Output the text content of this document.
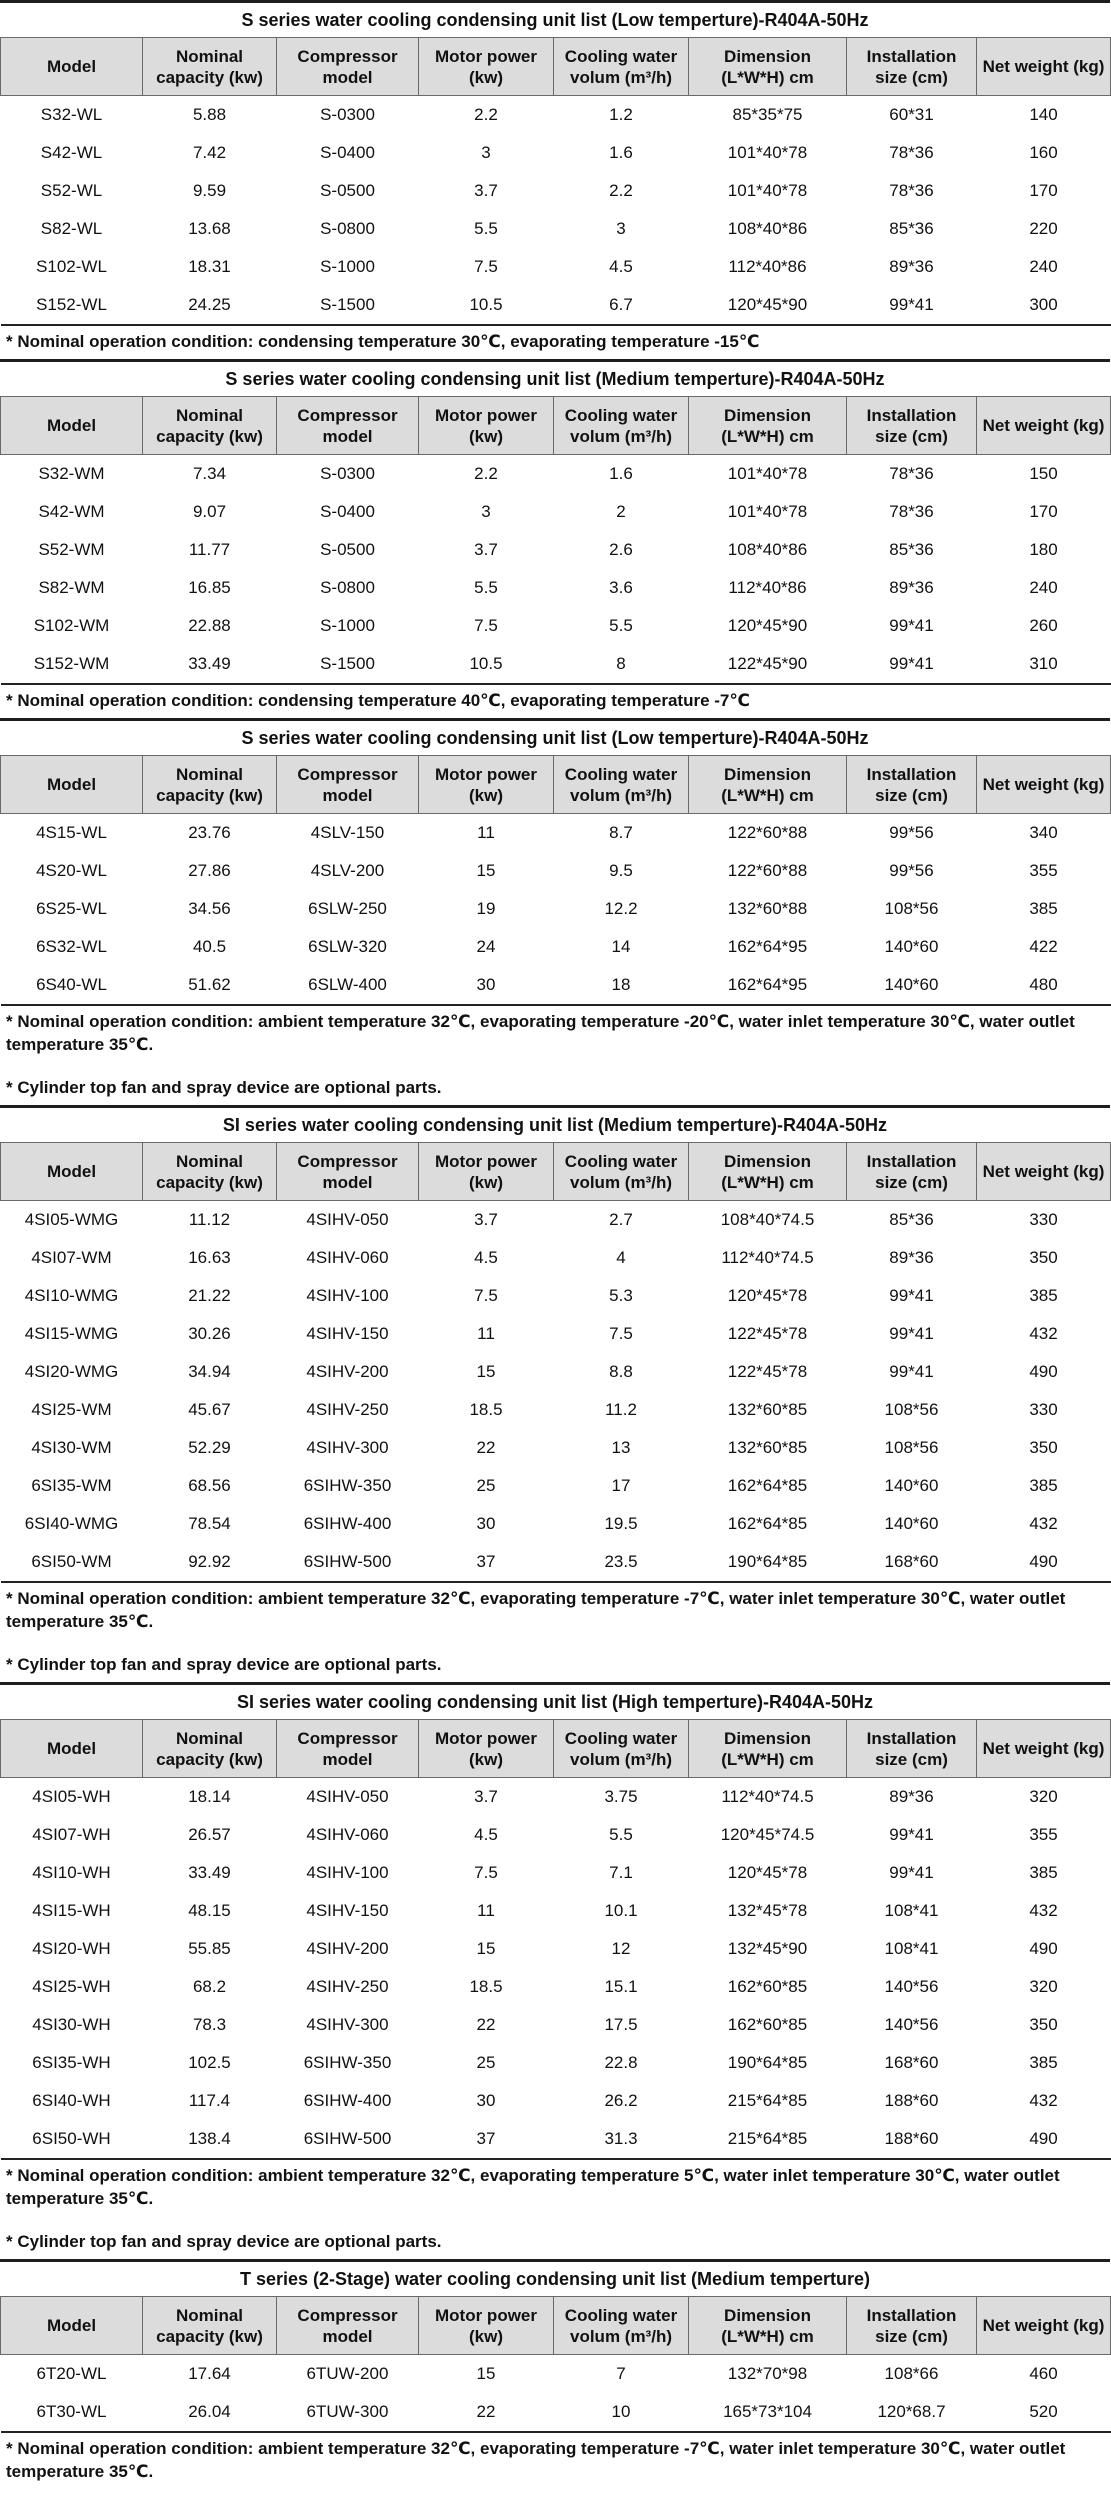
S series water cooling condensing unit list (Low temperture)-R404A-50Hz
Model	Nominal capacity (kw)	Compressor model	Motor power (kw)	Cooling water volum (m³/h)	Dimension (L*W*H) cm	Installation size (cm)	Net weight (kg)
S32-WL	5.88	S-0300	2.2	1.2	85*35*75	60*31	140
S42-WL	7.42	S-0400	3	1.6	101*40*78	78*36	160
S52-WL	9.59	S-0500	3.7	2.2	101*40*78	78*36	170
S82-WL	13.68	S-0800	5.5	3	108*40*86	85*36	220
S102-WL	18.31	S-1000	7.5	4.5	112*40*86	89*36	240
S152-WL	24.25	S-1500	10.5	6.7	120*45*90	99*41	300
* Nominal operation condition: condensing temperature 30℃, evaporating temperature -15℃
S series water cooling condensing unit list (Medium temperture)-R404A-50Hz
Model	Nominal capacity (kw)	Compressor model	Motor power (kw)	Cooling water volum (m³/h)	Dimension (L*W*H) cm	Installation size (cm)	Net weight (kg)
S32-WM	7.34	S-0300	2.2	1.6	101*40*78	78*36	150
S42-WM	9.07	S-0400	3	2	101*40*78	78*36	170
S52-WM	11.77	S-0500	3.7	2.6	108*40*86	85*36	180
S82-WM	16.85	S-0800	5.5	3.6	112*40*86	89*36	240
S102-WM	22.88	S-1000	7.5	5.5	120*45*90	99*41	260
S152-WM	33.49	S-1500	10.5	8	122*45*90	99*41	310
* Nominal operation condition: condensing temperature 40℃, evaporating temperature -7℃
S series water cooling condensing unit list (Low temperture)-R404A-50Hz
Model	Nominal capacity (kw)	Compressor model	Motor power (kw)	Cooling water volum (m³/h)	Dimension (L*W*H) cm	Installation size (cm)	Net weight (kg)
4S15-WL	23.76	4SLV-150	11	8.7	122*60*88	99*56	340
4S20-WL	27.86	4SLV-200	15	9.5	122*60*88	99*56	355
6S25-WL	34.56	6SLW-250	19	12.2	132*60*88	108*56	385
6S32-WL	40.5	6SLW-320	24	14	162*64*95	140*60	422
6S40-WL	51.62	6SLW-400	30	18	162*64*95	140*60	480
* Nominal operation condition: ambient temperature 32℃, evaporating temperature -20℃, water inlet temperature 30℃, water outlet temperature 35℃.
* Cylinder top fan and spray device are optional parts.
SI series water cooling condensing unit list (Medium temperture)-R404A-50Hz
Model	Nominal capacity (kw)	Compressor model	Motor power (kw)	Cooling water volum (m³/h)	Dimension (L*W*H) cm	Installation size (cm)	Net weight (kg)
4SI05-WMG	11.12	4SIHV-050	3.7	2.7	108*40*74.5	85*36	330
4SI07-WM	16.63	4SIHV-060	4.5	4	112*40*74.5	89*36	350
4SI10-WMG	21.22	4SIHV-100	7.5	5.3	120*45*78	99*41	385
4SI15-WMG	30.26	4SIHV-150	11	7.5	122*45*78	99*41	432
4SI20-WMG	34.94	4SIHV-200	15	8.8	122*45*78	99*41	490
4SI25-WM	45.67	4SIHV-250	18.5	11.2	132*60*85	108*56	330
4SI30-WM	52.29	4SIHV-300	22	13	132*60*85	108*56	350
6SI35-WM	68.56	6SIHW-350	25	17	162*64*85	140*60	385
6SI40-WMG	78.54	6SIHW-400	30	19.5	162*64*85	140*60	432
6SI50-WM	92.92	6SIHW-500	37	23.5	190*64*85	168*60	490
* Nominal operation condition: ambient temperature 32℃, evaporating temperature -7℃, water inlet temperature 30℃, water outlet temperature 35℃.
* Cylinder top fan and spray device are optional parts.
SI series water cooling condensing unit list (High temperture)-R404A-50Hz
Model	Nominal capacity (kw)	Compressor model	Motor power (kw)	Cooling water volum (m³/h)	Dimension (L*W*H) cm	Installation size (cm)	Net weight (kg)
4SI05-WH	18.14	4SIHV-050	3.7	3.75	112*40*74.5	89*36	320
4SI07-WH	26.57	4SIHV-060	4.5	5.5	120*45*74.5	99*41	355
4SI10-WH	33.49	4SIHV-100	7.5	7.1	120*45*78	99*41	385
4SI15-WH	48.15	4SIHV-150	11	10.1	132*45*78	108*41	432
4SI20-WH	55.85	4SIHV-200	15	12	132*45*90	108*41	490
4SI25-WH	68.2	4SIHV-250	18.5	15.1	162*60*85	140*56	320
4SI30-WH	78.3	4SIHV-300	22	17.5	162*60*85	140*56	350
6SI35-WH	102.5	6SIHW-350	25	22.8	190*64*85	168*60	385
6SI40-WH	117.4	6SIHW-400	30	26.2	215*64*85	188*60	432
6SI50-WH	138.4	6SIHW-500	37	31.3	215*64*85	188*60	490
* Nominal operation condition: ambient temperature 32℃, evaporating temperature 5℃, water inlet temperature 30℃, water outlet temperature 35℃.
* Cylinder top fan and spray device are optional parts.
T series (2-Stage) water cooling condensing unit list (Medium temperture)
Model	Nominal capacity (kw)	Compressor model	Motor power (kw)	Cooling water volum (m³/h)	Dimension (L*W*H) cm	Installation size (cm)	Net weight (kg)
6T20-WL	17.64	6TUW-200	15	7	132*70*98	108*66	460
6T30-WL	26.04	6TUW-300	22	10	165*73*104	120*68.7	520
* Nominal operation condition: ambient temperature 32℃, evaporating temperature -7℃, water inlet temperature 30℃, water outlet temperature 35℃.
